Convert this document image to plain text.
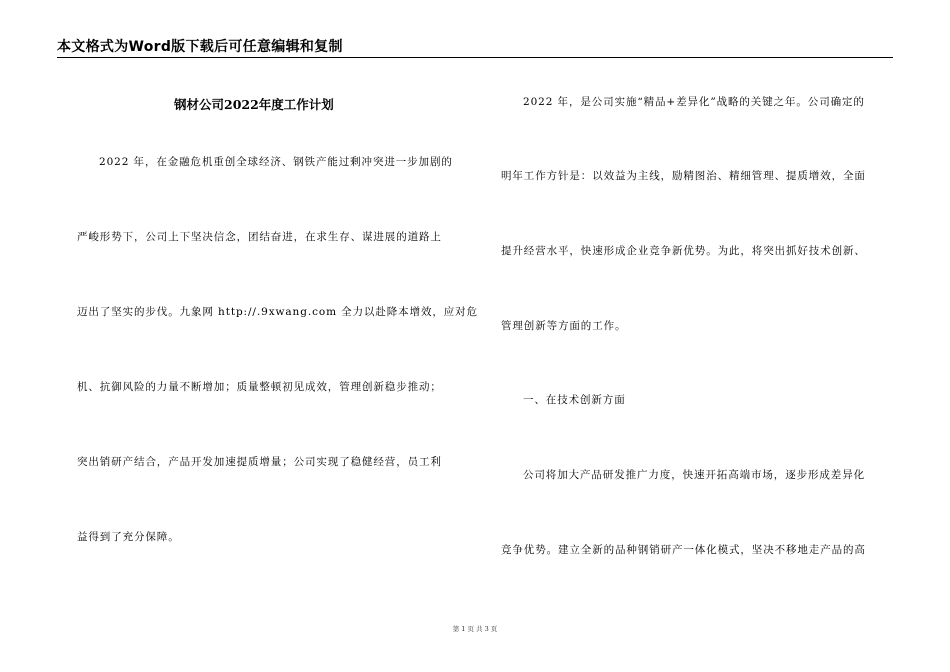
本文格式为Word版下载后可任意编辑和复制
钢材公司2022年度工作计划
2022 年，在金融危机重创全球经济、钢铁产能过剩冲突进一步加剧的
严峻形势下，公司上下坚决信念，团结奋进，在求生存、谋进展的道路上
迈出了坚实的步伐。九象网 http://.9xwang.com 全力以赴降本增效，应对危
机、抗御风险的力量不断增加；质量整顿初见成效，管理创新稳步推动；
突出销研产结合，产品开发加速提质增量；公司实现了稳健经营，员工利
益得到了充分保障。
2022 年，是公司实施“精品+差异化”战略的关键之年。公司确定的
明年工作方针是：以效益为主线，励精图治、精细管理、提质增效，全面
提升经营水平，快速形成企业竞争新优势。为此，将突出抓好技术创新、
管理创新等方面的工作。
一、在技术创新方面
公司将加大产品研发推广力度，快速开拓高端市场，逐步形成差异化
竞争优势。建立全新的品种钢销研产一体化模式，坚决不移地走产品的高
第 1 页 共 3 页
